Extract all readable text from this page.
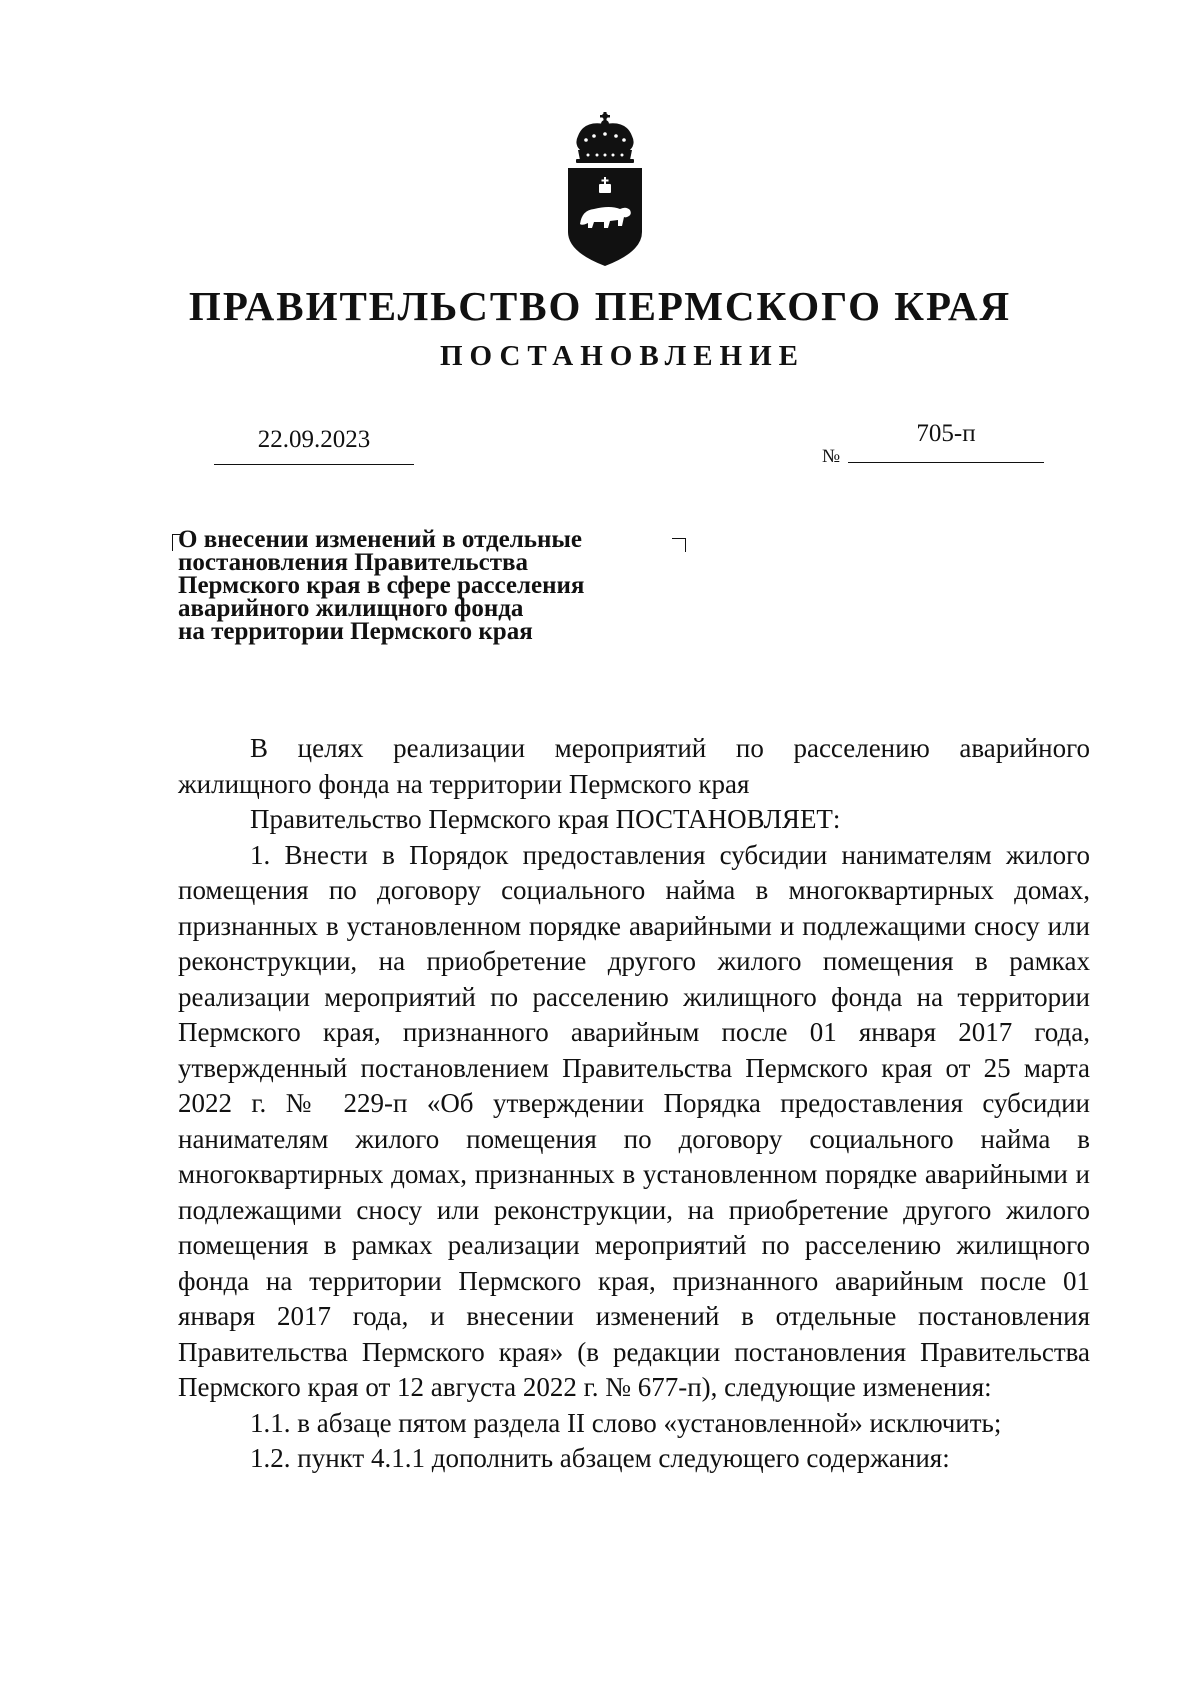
ПРАВИТЕЛЬСТВО ПЕРМСКОГО КРАЯ
ПОСТАНОВЛЕНИЕ
22.09.2023
№
705-п
О внесении изменений в отдельные
постановления Правительства
Пермского края в сфере расселения
аварийного жилищного фонда
на территории Пермского края

В целях реализации мероприятий по расселению аварийного жилищного фонда на территории Пермского края

Правительство Пермского края ПОСТАНОВЛЯЕТ:

1. Внести в Порядок предоставления субсидии нанимателям жилого помещения по договору социального найма в многоквартирных домах, признанных в установленном порядке аварийными и подлежащими сносу или реконструкции, на приобретение другого жилого помещения в рамках реализации мероприятий по расселению жилищного фонда на территории Пермского края, признанного аварийным после 01 января 2017 года, утвержденный постановлением Правительства Пермского края от 25 марта 2022 г. № 229-п «Об утверждении Порядка предоставления субсидии нанимателям жилого помещения по договору социального найма в многоквартирных домах, признанных в установленном порядке аварийными и подлежащими сносу или реконструкции, на приобретение другого жилого помещения в рамках реализации мероприятий по расселению жилищного фонда на территории Пермского края, признанного аварийным после 01 января 2017 года, и внесении изменений в отдельные постановления Правительства Пермского края» (в редакции постановления Правительства Пермского края от 12 августа 2022 г. № 677-п), следующие изменения:

1.1. в абзаце пятом раздела II слово «установленной» исключить;

1.2. пункт 4.1.1 дополнить абзацем следующего содержания:
